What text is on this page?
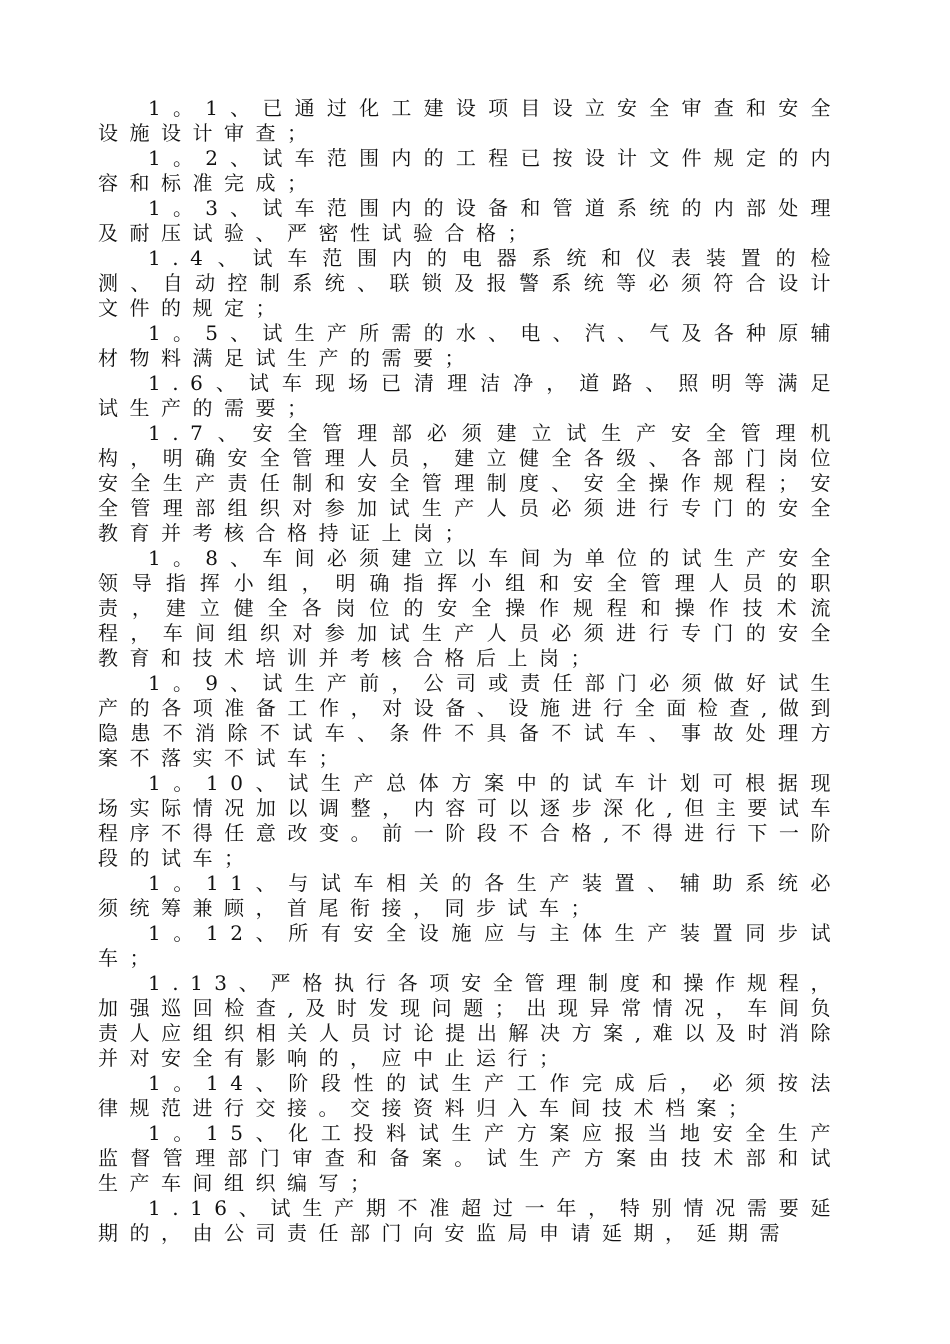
1。1、已通过化工建设项目设立安全审查和安全设施设计审查；

1。2、试车范围内的工程已按设计文件规定的内容和标准完成；

1。3、试车范围内的设备和管道系统的内部处理及耐压试验、严密性试验合格；

1.4、试车范围内的电器系统和仪表装置的检测、自动控制系统、联锁及报警系统等必须符合设计文件的规定；

1。5、试生产所需的水、电、汽、气及各种原辅材物料满足试生产的需要；

1.6、试车现场已清理洁净，道路、照明等满足试生产的需要；

1.7、安全管理部必须建立试生产安全管理机构，明确安全管理人员，建立健全各级、各部门岗位安全生产责任制和安全管理制度、安全操作规程；安全管理部组织对参加试生产人员必须进行专门的安全教育并考核合格持证上岗；

1。8、车间必须建立以车间为单位的试生产安全领导指挥小组，明确指挥小组和安全管理人员的职责，建立健全各岗位的安全操作规程和操作技术流程，车间组织对参加试生产人员必须进行专门的安全教育和技术培训并考核合格后上岗；

1。9、试生产前，公司或责任部门必须做好试生产的各项准备工作，对设备、设施进行全面检查,做到隐患不消除不试车、条件不具备不试车、事故处理方案不落实不试车；

1。10、试生产总体方案中的试车计划可根据现场实际情况加以调整，内容可以逐步深化,但主要试车程序不得任意改变。前一阶段不合格,不得进行下一阶段的试车；

1。11、与试车相关的各生产装置、辅助系统必须统筹兼顾，首尾衔接，同步试车；

1。12、所有安全设施应与主体生产装置同步试车；

1.13、严格执行各项安全管理制度和操作规程，加强巡回检查,及时发现问题；出现异常情况，车间负责人应组织相关人员讨论提出解决方案,难以及时消除并对安全有影响的，应中止运行；

1。14、阶段性的试生产工作完成后，必须按法律规范进行交接。交接资料归入车间技术档案；

1。15、化工投料试生产方案应报当地安全生产监督管理部门审查和备案。试生产方案由技术部和试生产车间组织编写；

1.16、试生产期不准超过一年，特别情况需要延期的，由公司责任部门向安监局申请延期，延期需
